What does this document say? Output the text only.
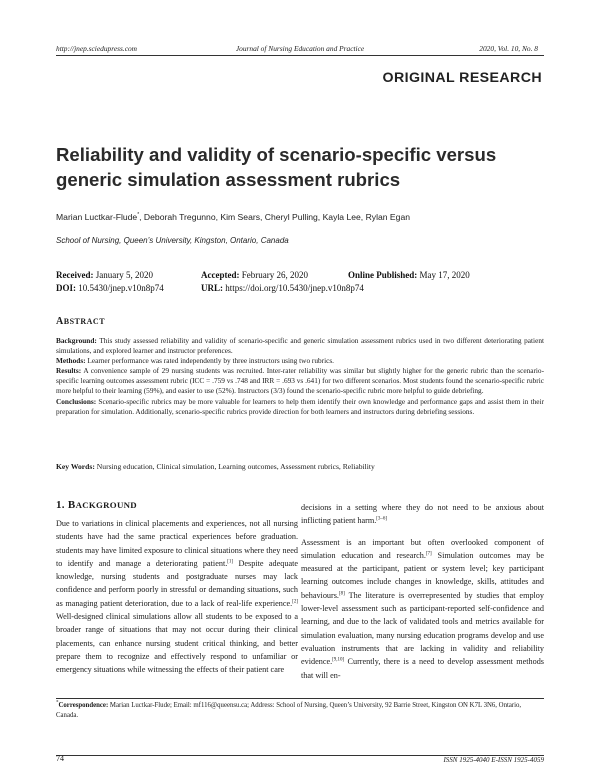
http://jnep.sciedupress.com	Journal of Nursing Education and Practice	2020, Vol. 10, No. 8
ORIGINAL RESEARCH
Reliability and validity of scenario-specific versus generic simulation assessment rubrics
Marian Luctkar-Flude*, Deborah Tregunno, Kim Sears, Cheryl Pulling, Kayla Lee, Rylan Egan
School of Nursing, Queen’s University, Kingston, Ontario, Canada
Received: January 5, 2020	Accepted: February 26, 2020	Online Published: May 17, 2020
DOI: 10.5430/jnep.v10n8p74	URL: https://doi.org/10.5430/jnep.v10n8p74
ABSTRACT

Background: This study assessed reliability and validity of scenario-specific and generic simulation assessment rubrics used in two different deteriorating patient simulations, and explored learner and instructor preferences.

Methods: Learner performance was rated independently by three instructors using two rubrics.

Results: A convenience sample of 29 nursing students was recruited. Inter-rater reliability was similar but slightly higher for the generic rubric than the scenario-specific learning outcomes assessment rubric (ICC = .759 vs .748 and IRR = .693 vs .641) for two different scenarios. Most students found the scenario-specific rubric more helpful to their learning (59%), and easier to use (52%). Instructors (3/3) found the scenario-specific rubric more helpful to guide debriefing.

Conclusions: Scenario-specific rubrics may be more valuable for learners to help them identify their own knowledge and performance gaps and assist them in their preparation for simulation. Additionally, scenario-specific rubrics provide direction for both learners and instructors during debriefing sessions.

Key Words: Nursing education, Clinical simulation, Learning outcomes, Assessment rubrics, Reliability
1. BACKGROUND

Due to variations in clinical placements and experiences, not all nursing students have had the same practical experiences before graduation. students may have limited exposure to clinical situations where they need to identify and manage a deteriorating patient.[1] Despite adequate knowledge, nursing students and postgraduate nurses may lack confidence and perform poorly in stressful or demanding situations, such as managing patient deterioration, due to a lack of real-life experience.[2] Well-designed clinical simulations allow all students to be exposed to a broader range of situations that may not occur during their clinical placements, can enhance nursing student critical thinking, and better prepare them to recognize and effectively respond to unfamiliar or emergency situations while witnessing the effects of their patient care

decisions in a setting where they do not need to be anxious about inflicting patient harm.[3–6]

Assessment is an important but often overlooked component of simulation education and research.[7] Simulation outcomes may be measured at the participant, patient or system level; key participant learning outcomes include changes in knowledge, skills, attitudes and behaviours.[8] The literature is overrepresented by studies that employ lower-level assessment such as participant-reported self-confidence and learning, and due to the lack of validated tools and metrics available for simulation evaluation, many nursing education programs develop and use evaluation instruments that are lacking in validity and reliability evidence.[9,10] Currently, there is a need to develop assessment methods that will en-

*Correspondence: Marian Luctkar-Flude; Email: mf116@queensu.ca; Address: School of Nursing, Queen’s University, 92 Barrie Street, Kingston ON K7L 3N6, Ontario, Canada.
74	ISSN 1925-4040 E-ISSN 1925-4059
